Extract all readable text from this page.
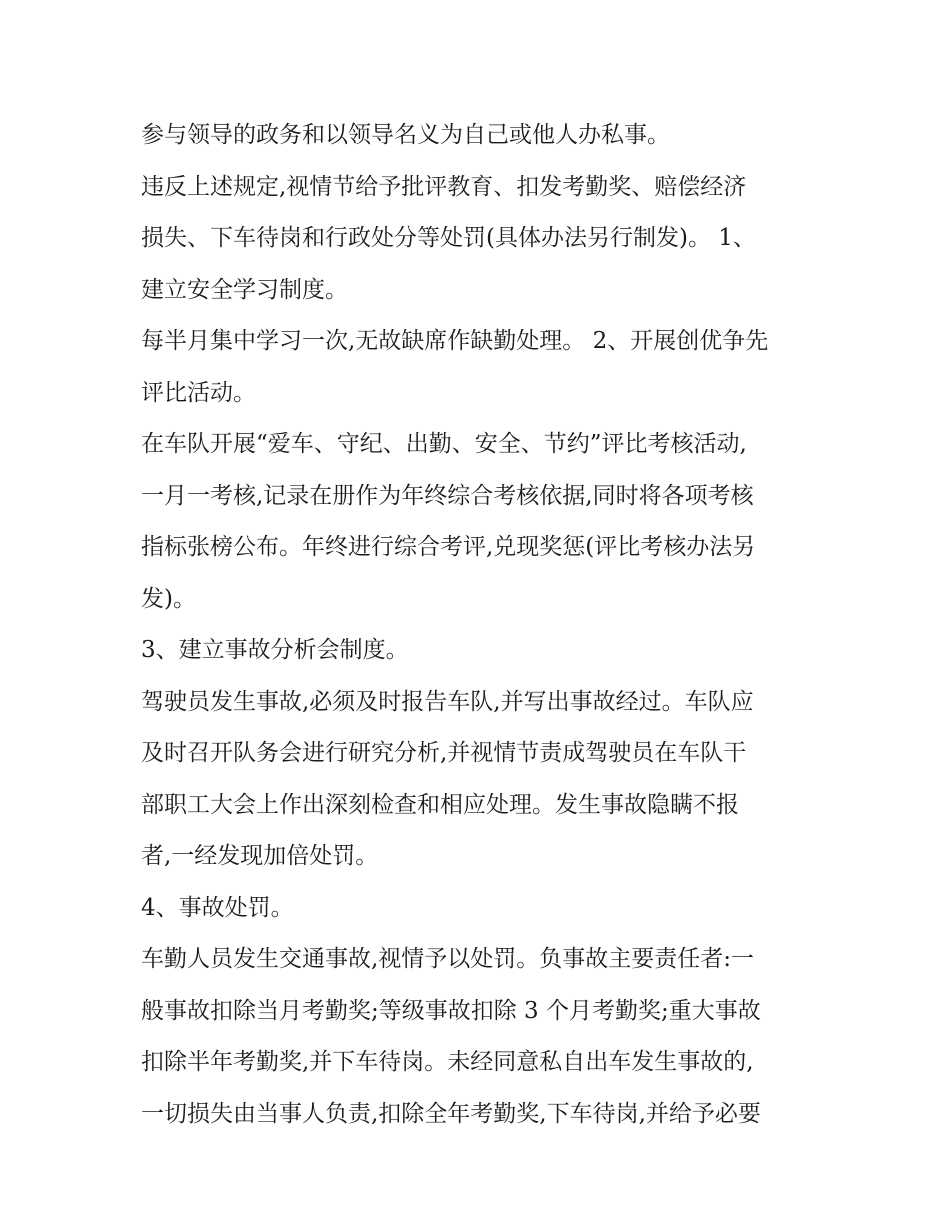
参与领导的政务和以领导名义为自己或他人办私事。
违反上述规定,视情节给予批评教育、扣发考勤奖、赔偿经济
损失、下车待岗和行政处分等处罚(具体办法另行制发)。 1、
建立安全学习制度。
每半月集中学习一次,无故缺席作缺勤处理。 2、开展创优争先
评比活动。
在车队开展“爱车、守纪、出勤、安全、节约”评比考核活动,
一月一考核,记录在册作为年终综合考核依据,同时将各项考核
指标张榜公布。年终进行综合考评,兑现奖惩(评比考核办法另
发)。
3、建立事故分析会制度。
驾驶员发生事故,必须及时报告车队,并写出事故经过。车队应
及时召开队务会进行研究分析,并视情节责成驾驶员在车队干
部职工大会上作出深刻检查和相应处理。发生事故隐瞒不报
者,一经发现加倍处罚。
4、事故处罚。
车勤人员发生交通事故,视情予以处罚。负事故主要责任者:一
般事故扣除当月考勤奖;等级事故扣除 3 个月考勤奖;重大事故
扣除半年考勤奖,并下车待岗。未经同意私自出车发生事故的,
一切损失由当事人负责,扣除全年考勤奖,下车待岗,并给予必要
